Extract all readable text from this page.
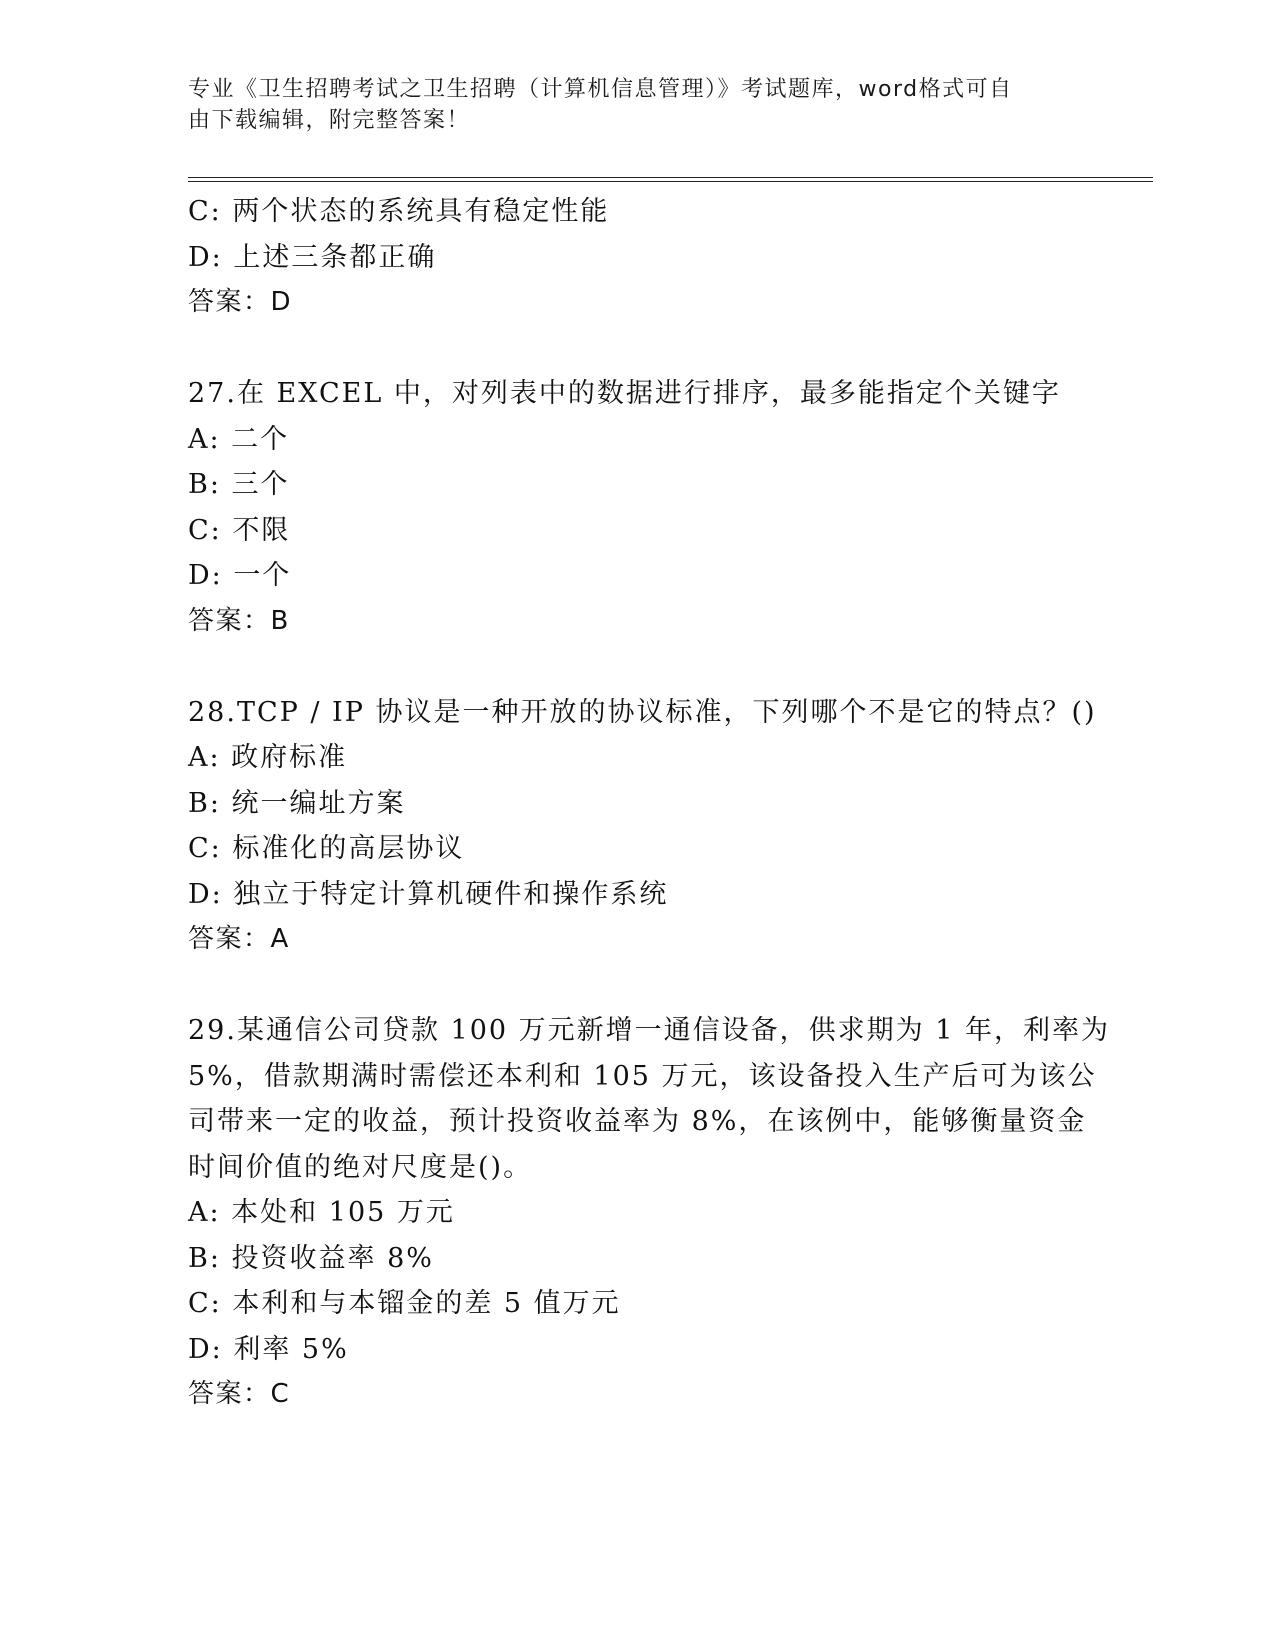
专业《卫生招聘考试之卫生招聘（计算机信息管理）》考试题库，word格式可自
由下载编辑，附完整答案！
C: 两个状态的系统具有稳定性能
D: 上述三条都正确
答案：D
27.在 EXCEL 中，对列表中的数据进行排序，最多能指定个关键字
A: 二个
B: 三个
C: 不限
D: 一个
答案：B
28.TCP / IP 协议是一种开放的协议标准，下列哪个不是它的特点？()
A: 政府标准
B: 统一编址方案
C: 标准化的高层协议
D: 独立于特定计算机硬件和操作系统
答案：A
29.某通信公司贷款 100 万元新增一通信设备，供求期为 1 年，利率为
5%，借款期满时需偿还本利和 105 万元，该设备投入生产后可为该公
司带来一定的收益，预计投资收益率为 8%，在该例中，能够衡量资金
时间价值的绝对尺度是()。
A: 本处和 105 万元
B: 投资收益率 8%
C: 本利和与本镏金的差 5 值万元
D: 利率 5%
答案：C
